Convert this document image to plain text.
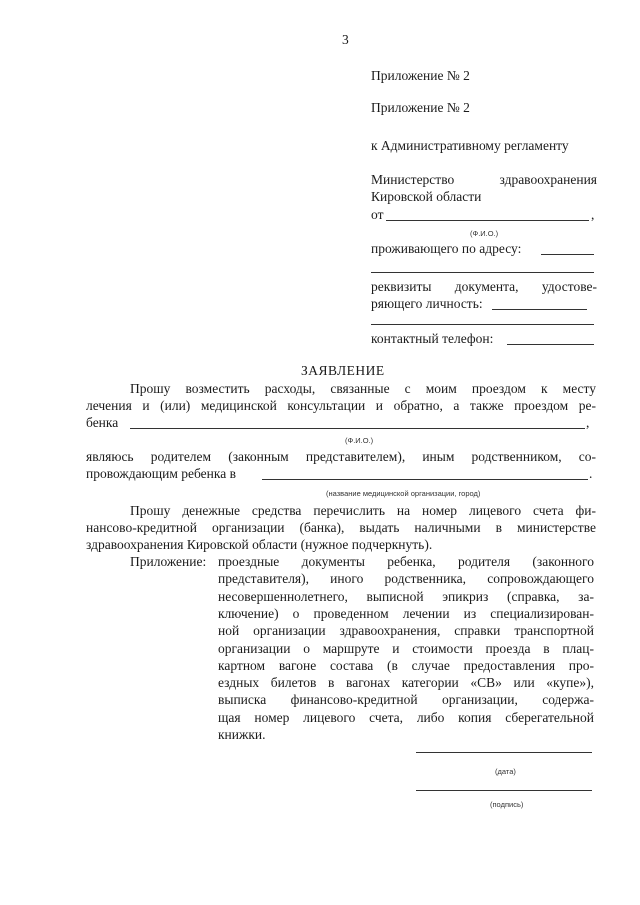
3
Приложение № 2
Приложение № 2
к Административному регламенту
Министерство	здравоохранения
Кировской области
от	,
(Ф.И.О.)
проживающего по адресу:
реквизиты документа, удостове-
ряющего личность:
контактный телефон:
ЗАЯВЛЕНИЕ
Прошу возместить расходы, связанные с моим проездом к месту
лечения и (или) медицинской консультации и обратно, а также проездом ре-
бенка	,
(Ф.И.О.)
являюсь родителем (законным представителем), иным родственником, со-
провождающим ребенка в	.
(название медицинской организации, город)
Прошу денежные средства перечислить на номер лицевого счета фи-
нансово-кредитной организации (банка), выдать наличными в министерстве
здравоохранения Кировской области (нужное подчеркнуть).
Приложение: проездные документы ребенка, родителя (законного
представителя), иного родственника, сопровождающего
несовершеннолетнего, выписной эпикриз (справка, за-
ключение) о проведенном лечении из специализирован-
ной организации здравоохранения, справки транспортной
организации о маршруте и стоимости проезда в плац-
картном вагоне состава (в случае предоставления про-
ездных билетов в вагонах категории «СВ» или «купе»),
выписка финансово-кредитной организации, содержа-
щая номер лицевого счета, либо копия сберегательной
книжки.
(дата)
(подпись)
